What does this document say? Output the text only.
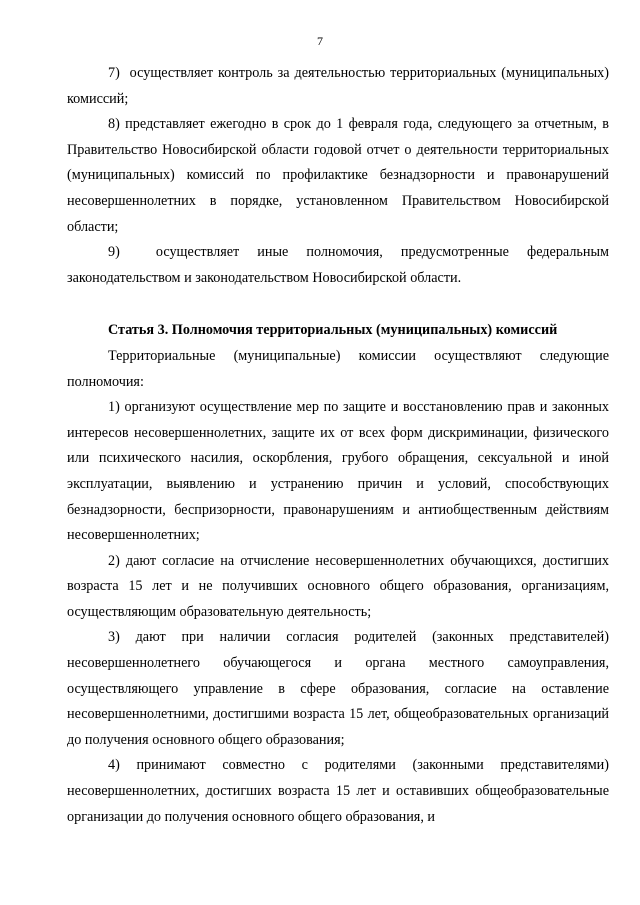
7

7)  осуществляет контроль за деятельностью территориальных (муниципальных) комиссий;

8) представляет ежегодно в срок до 1 февраля года, следующего за отчетным, в Правительство Новосибирской области годовой отчет о деятельности территориальных (муниципальных) комиссий по профилактике безнадзорности и правонарушений несовершеннолетних в порядке, установленном Правительством Новосибирской области;

9)  осуществляет иные полномочия, предусмотренные федеральным законодательством и законодательством Новосибирской области.

Статья 3. Полномочия территориальных (муниципальных) комиссий

Территориальные (муниципальные) комиссии осуществляют следующие полномочия:

1) организуют осуществление мер по защите и восстановлению прав и законных интересов несовершеннолетних, защите их от всех форм дискриминации, физического или психического насилия, оскорбления, грубого обращения, сексуальной и иной эксплуатации, выявлению и устранению причин и условий, способствующих безнадзорности, беспризорности, правонарушениям и антиобщественным действиям несовершеннолетних;

2) дают согласие на отчисление несовершеннолетних обучающихся, достигших возраста 15 лет и не получивших основного общего образования, организациям, осуществляющим образовательную деятельность;

3) дают при наличии согласия родителей (законных представителей) несовершеннолетнего обучающегося и органа местного самоуправления, осуществляющего управление в сфере образования, согласие на оставление несовершеннолетними, достигшими возраста 15 лет, общеобразовательных организаций до получения основного общего образования;

4) принимают совместно с родителями (законными представителями) несовершеннолетних, достигших возраста 15 лет и оставивших общеобразовательные организации до получения основного общего образования, и
